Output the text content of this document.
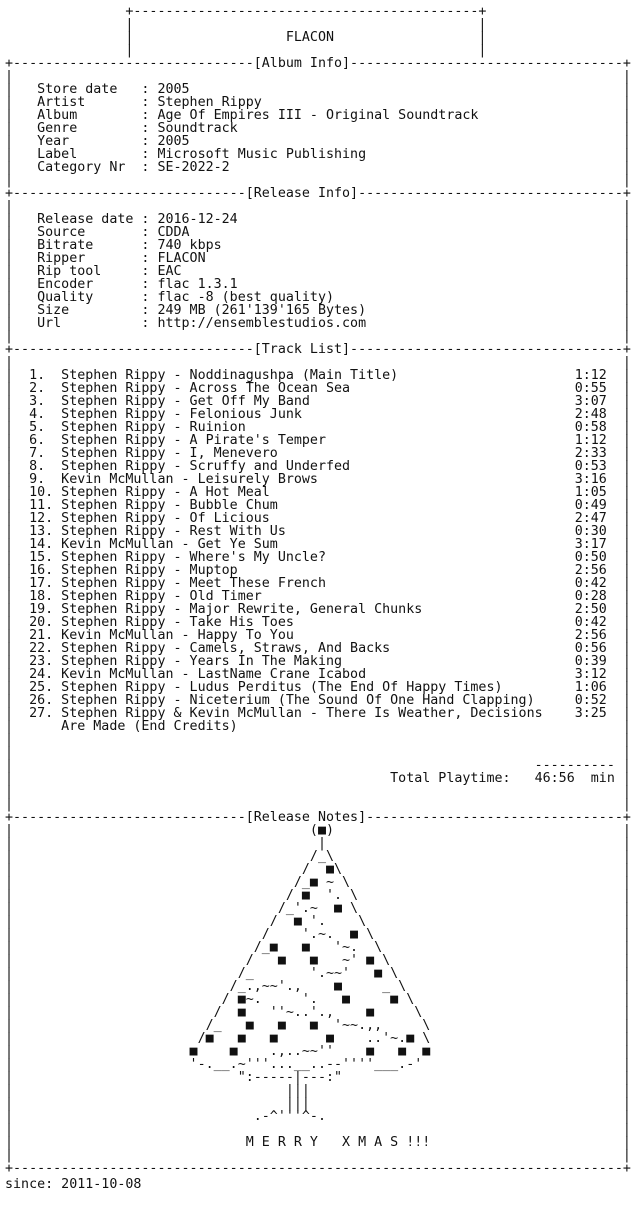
+-------------------------------------------+
|                                           |
|                   FLACON                  |
|                                           |
+------------------------------[Album Info]----------------------------------+
|                                                                            |
|   Store date   : 2005                                                      |
|   Artist       : Stephen Rippy                                             |
|   Album        : Age Of Empires III - Original Soundtrack                  |
|   Genre        : Soundtrack                                                |
|   Year         : 2005                                                      |
|   Label        : Microsoft Music Publishing                                |
|   Category Nr  : SE-2022-2                                                 |
|                                                                            |
+-----------------------------[Release Info]---------------------------------+
|                                                                            |
|   Release date : 2016-12-24                                                |
|   Source       : CDDA                                                      |
|   Bitrate      : 740 kbps                                                  |
|   Ripper       : FLACON                                                    |
|   Rip tool     : EAC                                                       |
|   Encoder      : flac 1.3.1                                                |
|   Quality      : flac -8 (best quality)                                    |
|   Size         : 249 MB (261'139'165 Bytes)                                |
|   Url          : http://ensemblestudios.com                                |
|                                                                            |
+------------------------------[Track List]----------------------------------+
|                                                                            |
|  1.  Stephen Rippy - Noddinagushpa (Main Title)                      1:12  |
|  2.  Stephen Rippy - Across The Ocean Sea                            0:55  |
|  3.  Stephen Rippy - Get Off My Band                                 3:07  |
|  4.  Stephen Rippy - Felonious Junk                                  2:48  |
|  5.  Stephen Rippy - Ruinion                                         0:58  |
|  6.  Stephen Rippy - A Pirate's Temper                               1:12  |
|  7.  Stephen Rippy - I, Menevero                                     2:33  |
|  8.  Stephen Rippy - Scruffy and Underfed                            0:53  |
|  9.  Kevin McMullan - Leisurely Brows                                3:16  |
|  10. Stephen Rippy - A Hot Meal                                      1:05  |
|  11. Stephen Rippy - Bubble Chum                                     0:49  |
|  12. Stephen Rippy - Of Licious                                      2:47  |
|  13. Stephen Rippy - Rest With Us                                    0:30  |
|  14. Kevin McMullan - Get Ye Sum                                     3:17  |
|  15. Stephen Rippy - Where's My Uncle?                               0:50  |
|  16. Stephen Rippy - Muptop                                          2:56  |
|  17. Stephen Rippy - Meet These French                               0:42  |
|  18. Stephen Rippy - Old Timer                                       0:28  |
|  19. Stephen Rippy - Major Rewrite, General Chunks                   2:50  |
|  20. Stephen Rippy - Take His Toes                                   0:42  |
|  21. Kevin McMullan - Happy To You                                   2:56  |
|  22. Stephen Rippy - Camels, Straws, And Backs                       0:56  |
|  23. Stephen Rippy - Years In The Making                             0:39  |
|  24. Kevin McMullan - LastName Crane Icabod                          3:12  |
|  25. Stephen Rippy - Ludus Perditus (The End Of Happy Times)         1:06  |
|  26. Stephen Rippy - Niceterium (The Sound Of One Hand Clapping)     0:52  |
|  27. Stephen Rippy & Kevin McMullan - There Is Weather, Decisions    3:25  |
|      Are Made (End Credits)                                                |
|                                                                            |
|                                                                            |
|                                                                 ---------- |
|                                               Total Playtime:   46:56  min |
|                                                                            |
|                                                                            |
+-----------------------------[Release Notes]--------------------------------+
|                                     (■)                                    |
|                                      |                                     |
|                                     /_\                                    |
|                                    /  ■\                                   |
|                                   /_■ ~ \                                  |
|                                  / ■  '. \                                 |
|                                 /_'.~  ■ \                                 |
|                                /  ■ '.    \                                |
|                               /    '.~.  ■ \                               |
|                              /_■   ■   '~.  \                              |
|                             /   ■   ■   ~' ■ \                             |
|                            /_       '.~~'   ■ \                            |
|                           /_.,~~'.,    ■     _ \                           |
|                          / ■~.     '.   ■     ■ \                          |
|                         /  ■   ''~..'.,    ■     \                         |
|                        /_   ■   ■   ■  '~~.,,     \                        |
|                       /■   ■   ■      ■    ..'~.■ \                        |
|                      ■    ■    .,..~~''    ■   ■  ■                        |
|                      '-.__.~'''...__..--''''___.-'                         |
|                            ":-----|---:"                                   |
|                                  |||                                       |
|                                  |||                                       |
|                              .-^'''^-.                                     |
|                                                                            |
|                             M E R R Y   X M A S !!!                        |
|                                                                            |
+----------------------------------------------------------------------------+
since: 2011-10-08
